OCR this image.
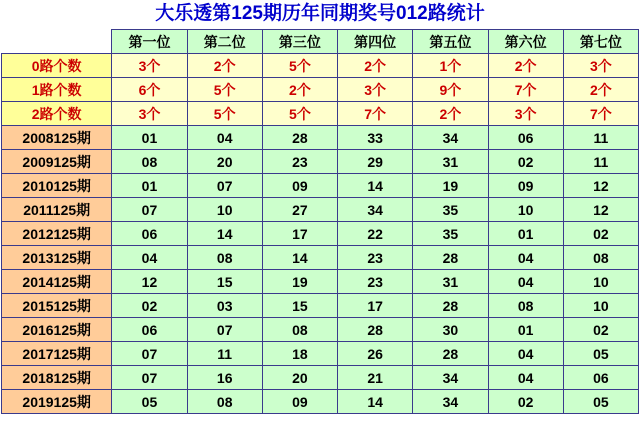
大乐透第125期历年同期奖号012路统计
	第一位	第二位	第三位	第四位	第五位	第六位	第七位
0路个数	3个	2个	5个	2个	1个	2个	3个
1路个数	6个	5个	2个	3个	9个	7个	2个
2路个数	3个	5个	5个	7个	2个	3个	7个
2008125期	01	04	28	33	34	06	11
2009125期	08	20	23	29	31	02	11
2010125期	01	07	09	14	19	09	12
2011125期	07	10	27	34	35	10	12
2012125期	06	14	17	22	35	01	02
2013125期	04	08	14	23	28	04	08
2014125期	12	15	19	23	31	04	10
2015125期	02	03	15	17	28	08	10
2016125期	06	07	08	28	30	01	02
2017125期	07	11	18	26	28	04	05
2018125期	07	16	20	21	34	04	06
2019125期	05	08	09	14	34	02	05
